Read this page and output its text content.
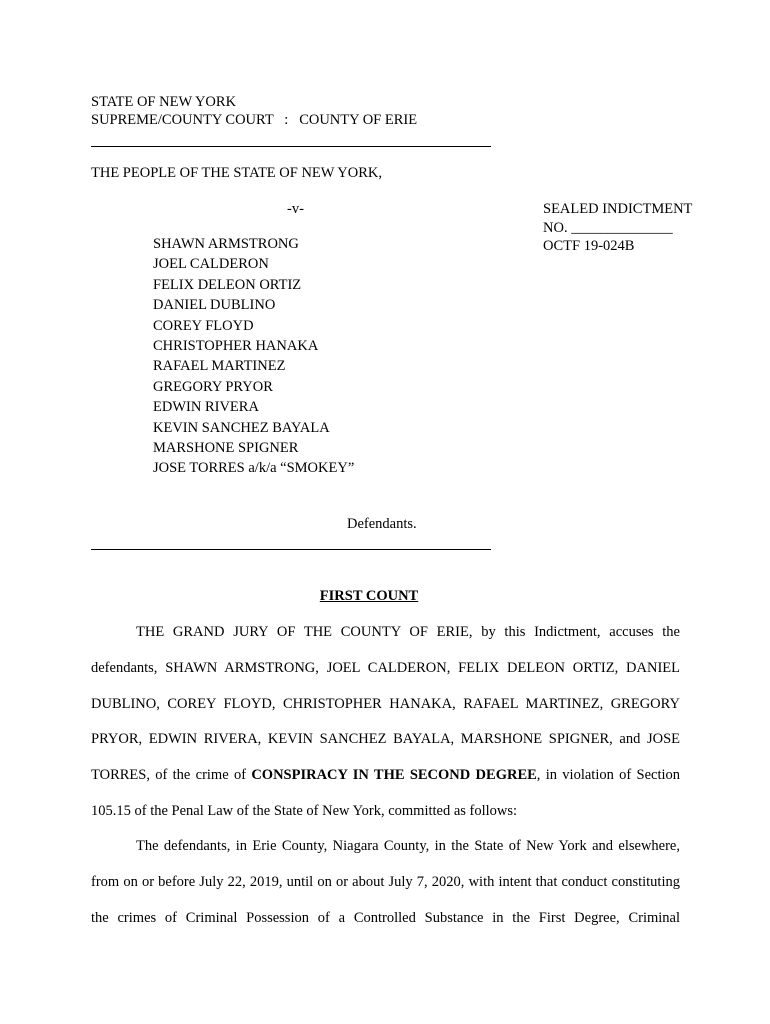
STATE OF NEW YORK
SUPREME/COUNTY COURT   :   COUNTY OF ERIE
THE PEOPLE OF THE STATE OF NEW YORK,
-v-
SHAWN ARMSTRONG
JOEL CALDERON
FELIX DELEON ORTIZ
DANIEL DUBLINO
COREY FLOYD
CHRISTOPHER HANAKA
RAFAEL MARTINEZ
GREGORY PRYOR
EDWIN RIVERA
KEVIN SANCHEZ BAYALA
MARSHONE SPIGNER
JOSE TORRES a/k/a “SMOKEY”
SEALED INDICTMENT
NO. ______________
OCTF 19-024B
Defendants.
FIRST COUNT
THE GRAND JURY OF THE COUNTY OF ERIE, by this Indictment, accuses the
defendants, SHAWN ARMSTRONG, JOEL CALDERON, FELIX DELEON ORTIZ, DANIEL
DUBLINO, COREY FLOYD, CHRISTOPHER HANAKA, RAFAEL MARTINEZ, GREGORY
PRYOR, EDWIN RIVERA, KEVIN SANCHEZ BAYALA, MARSHONE SPIGNER, and JOSE
TORRES, of the crime of CONSPIRACY IN THE SECOND DEGREE, in violation of Section
105.15 of the Penal Law of the State of New York, committed as follows:
The defendants, in Erie County, Niagara County, in the State of New York and elsewhere,
from on or before July 22, 2019, until on or about July 7, 2020, with intent that conduct constituting
the crimes of Criminal Possession of a Controlled Substance in the First Degree, Criminal
